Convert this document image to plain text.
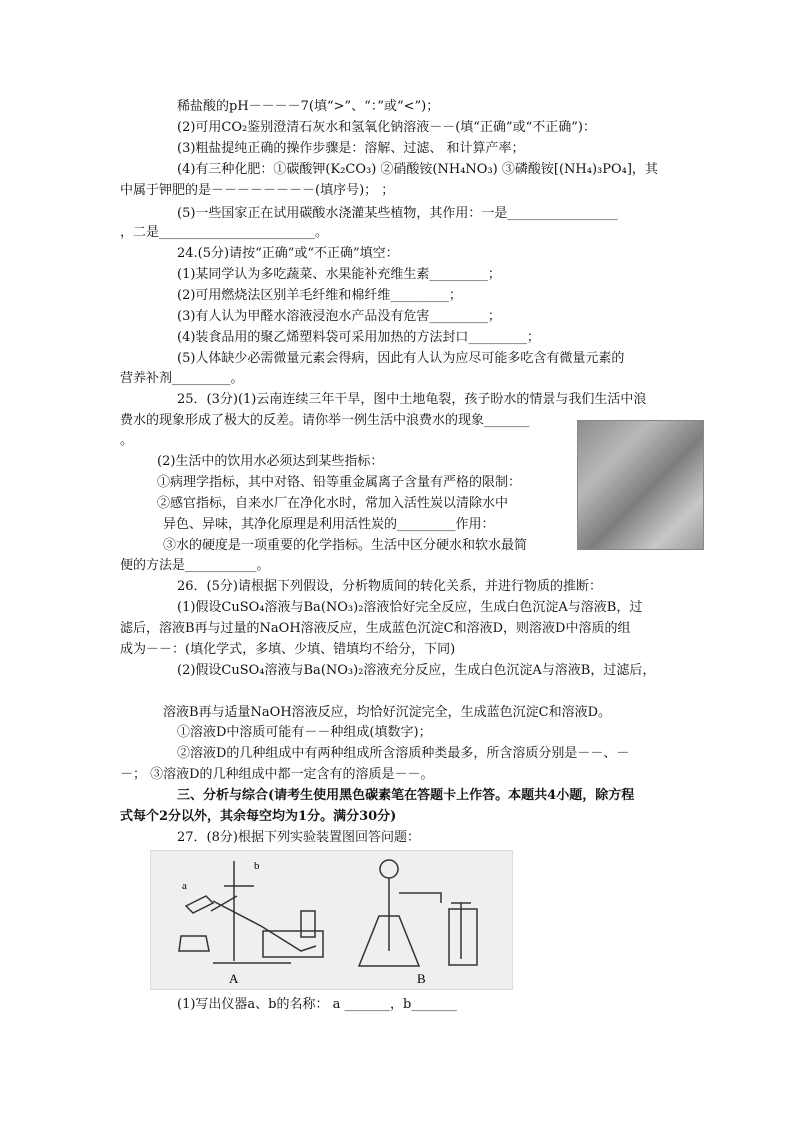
稀盐酸的pH－－－－7(填“>”、“：”或“<”)；
(2)可用CO₂鉴别澄清石灰水和氢氧化钠溶液－－(填“正确”或“不正确”)：
(3)粗盐提纯正确的操作步骤是：溶解、过滤、 和计算产率；
(4)有三种化肥：①碳酸钾(K₂CO₃) ②硝酸铵(NH₄NO₃) ③磷酸铵[(NH₄)₃PO₄]，其
中属于钾肥的是－－－－－－－－(填序号)； ；
(5)一些国家正在试用碳酸水浇灌某些植物，其作用：一是_________________
，二是________________________。
24.(5分)请按“正确”或“不正确”填空：
(1)某同学认为多吃蔬菜、水果能补充维生素_________；
(2)可用燃烧法区别羊毛纤维和棉纤维_________；
(3)有人认为甲醛水溶液浸泡水产品没有危害_________；
(4)装食品用的聚乙烯塑料袋可采用加热的方法封口_________；
(5)人体缺少必需微量元素会得病，因此有人认为应尽可能多吃含有微量元素的
营养补剂_________。
25．(3分)(1)云南连续三年干旱，图中土地龟裂，孩子盼水的情景与我们生活中浪
费水的现象形成了极大的反差。请你举一例生活中浪费水的现象_______
。
(2)生活中的饮用水必须达到某些指标：
①病理学指标，其中对铬、铅等重金属离子含量有严格的限制：
②感官指标，自来水厂在净化水时，常加入活性炭以清除水中
异色、异味，其净化原理是利用活性炭的_________作用：
③水的硬度是一项重要的化学指标。生活中区分硬水和软水最简
便的方法是___________。
26．(5分)请根据下列假设，分析物质间的转化关系，并进行物质的推断：
(1)假设CuSO₄溶液与Ba(NO₃)₂溶液恰好完全反应，生成白色沉淀A与溶液B，过
滤后，溶液B再与过量的NaOH溶液反应，生成蓝色沉淀C和溶液D，则溶液D中溶质的组
成为－－：(填化学式，多填、少填、错填均不给分，下同)
(2)假设CuSO₄溶液与Ba(NO₃)₂溶液充分反应，生成白色沉淀A与溶液B，过滤后，
溶液B再与适量NaOH溶液反应，均恰好沉淀完全，生成蓝色沉淀C和溶液D。
①溶液D中溶质可能有－－种组成(填数字)；
②溶液D的几种组成中有两种组成所含溶质种类最多，所含溶质分别是－－、－
－； ③溶液D的几种组成中都一定含有的溶质是－－。
三、分析与综合(请考生使用黑色碳素笔在答题卡上作答。本题共4小题，除方程
式每个2分以外，其余每空均为1分。满分30分)
27．(8分)根据下列实验装置图回答问题：
(1)写出仪器a、b的名称： a _______，b_______
a
b
A	B
